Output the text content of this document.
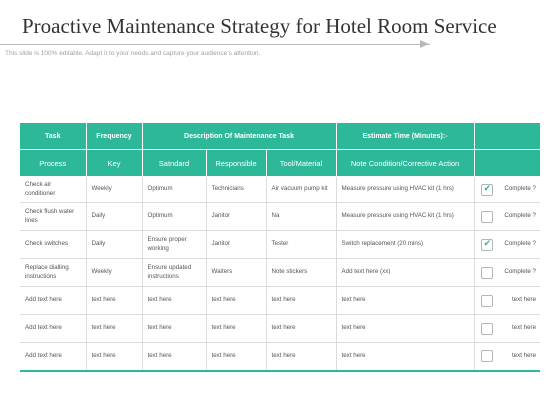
Proactive Maintenance Strategy for Hotel Room Service
This slide is 100% editable. Adapt it to your needs and capture your audience’s attention.
Task	Frequency	Description Of Maintenance Task			Estimate Time (Minutes):-	
Process	Key	Satndard	Responsible	Tool/Material	Note Condition/Corrective Action	
Check air conditioner	Weekly	Optimum	Technicians	Air vacuum pump kit	Measure pressure using HVAC kit (1 hrs)	✔ Complete ?

Check flush water lines	Daily	Optimum	Janitor	Na	Measure pressure using HVAC kit (1 hrs)	Complete ?

Check switches	Daily	Ensure proper working	Janitor	Tester	Switch replacement (20 mins)	✔ Complete ?

Replace dialling instructions	Weekly	Ensure updated instructions	Waiters	Note stickers	Add text here (xx)	Complete ?

Add text here	text here	text here	text here	text here	text here	text here

Add text here	text here	text here	text here	text here	text here	text here

Add text here	text here	text here	text here	text here	text here	text here
